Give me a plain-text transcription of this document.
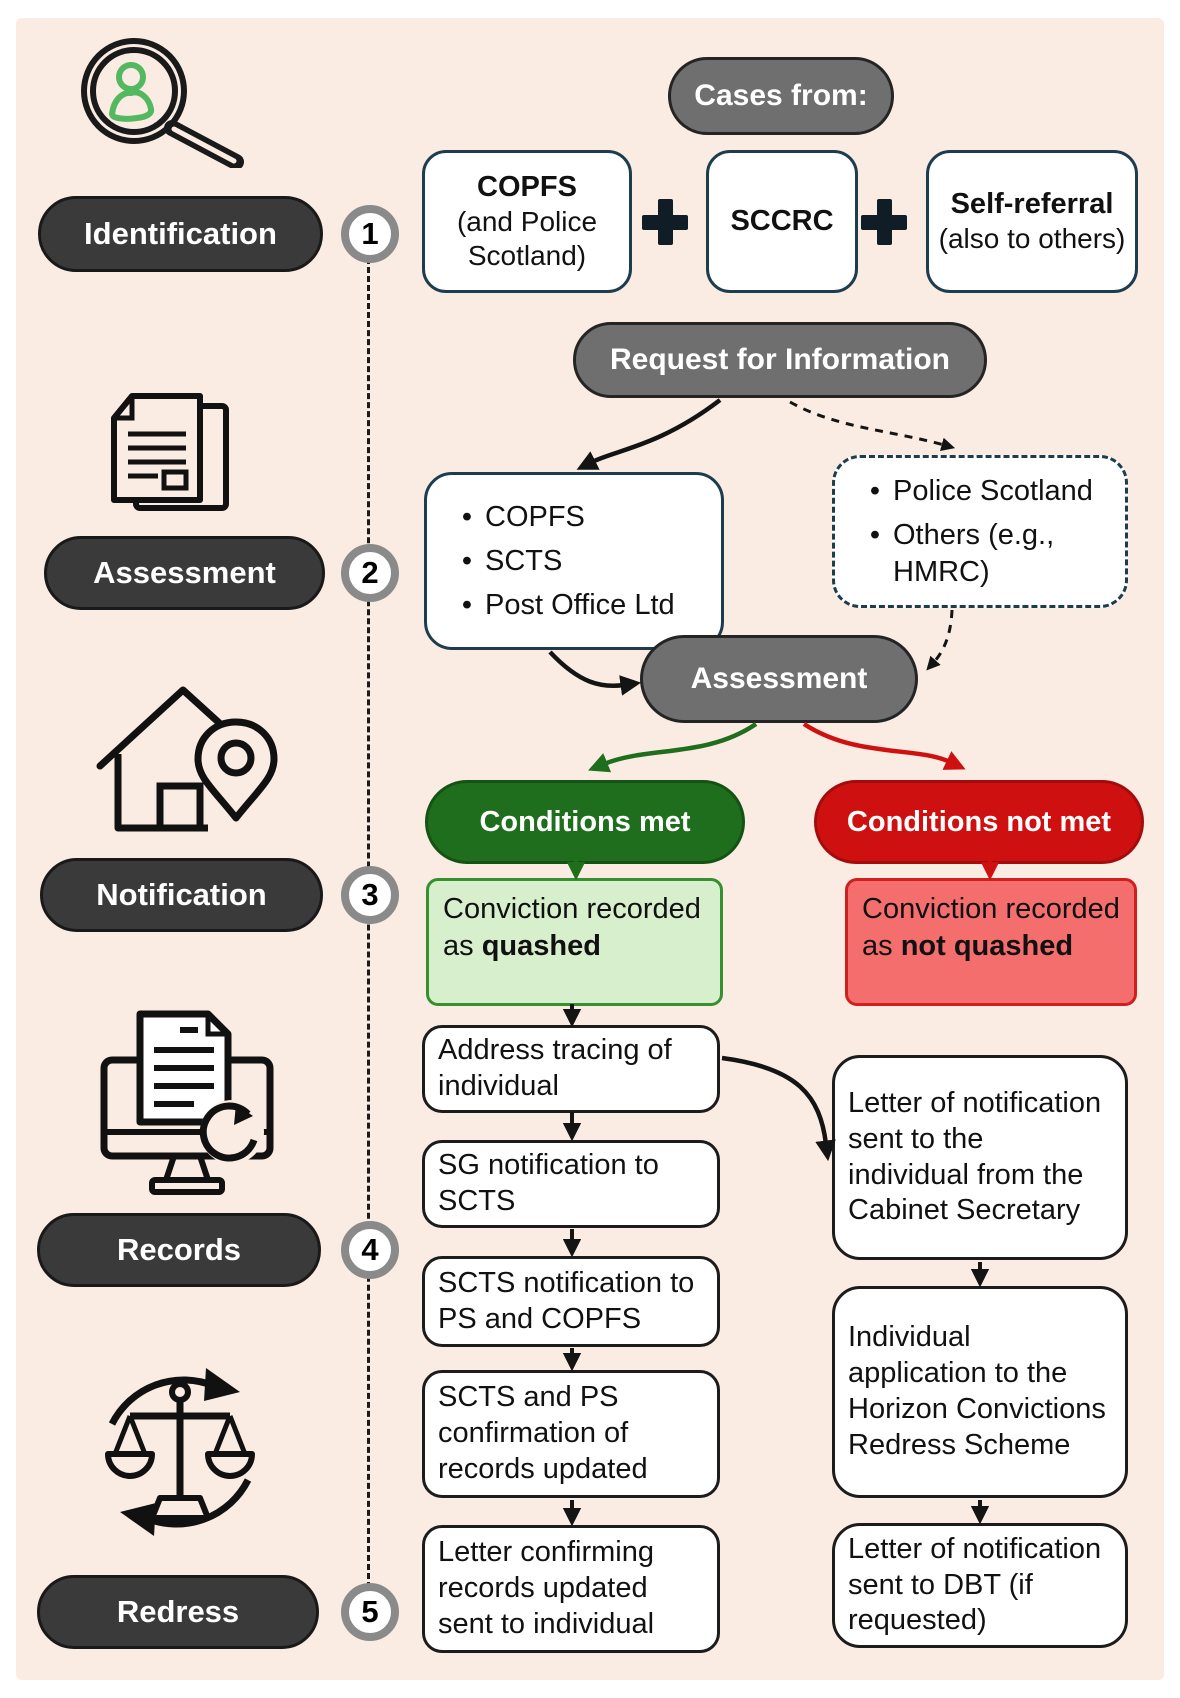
Identification
Assessment
Notification
Records
Redress
1
2
3
4
5
Cases from:
COPFS
(and Police Scotland)
SCCRC
Self-referral
(also to others)
Request for Information
• COPFS
• SCTS
• Post Office Ltd
• Police Scotland
• Others (e.g., HMRC)
Assessment
Conditions met	Conditions not met
Conviction recorded as quashed
Conviction recorded as not quashed
Address tracing of individual
SG notification to SCTS
SCTS notification to PS and COPFS
SCTS and PS confirmation of records updated
Letter confirming records updated sent to individual
Letter of notification sent to the individual from the Cabinet Secretary
Individual application to the Horizon Convictions Redress Scheme
Letter of notification sent to DBT (if requested)
